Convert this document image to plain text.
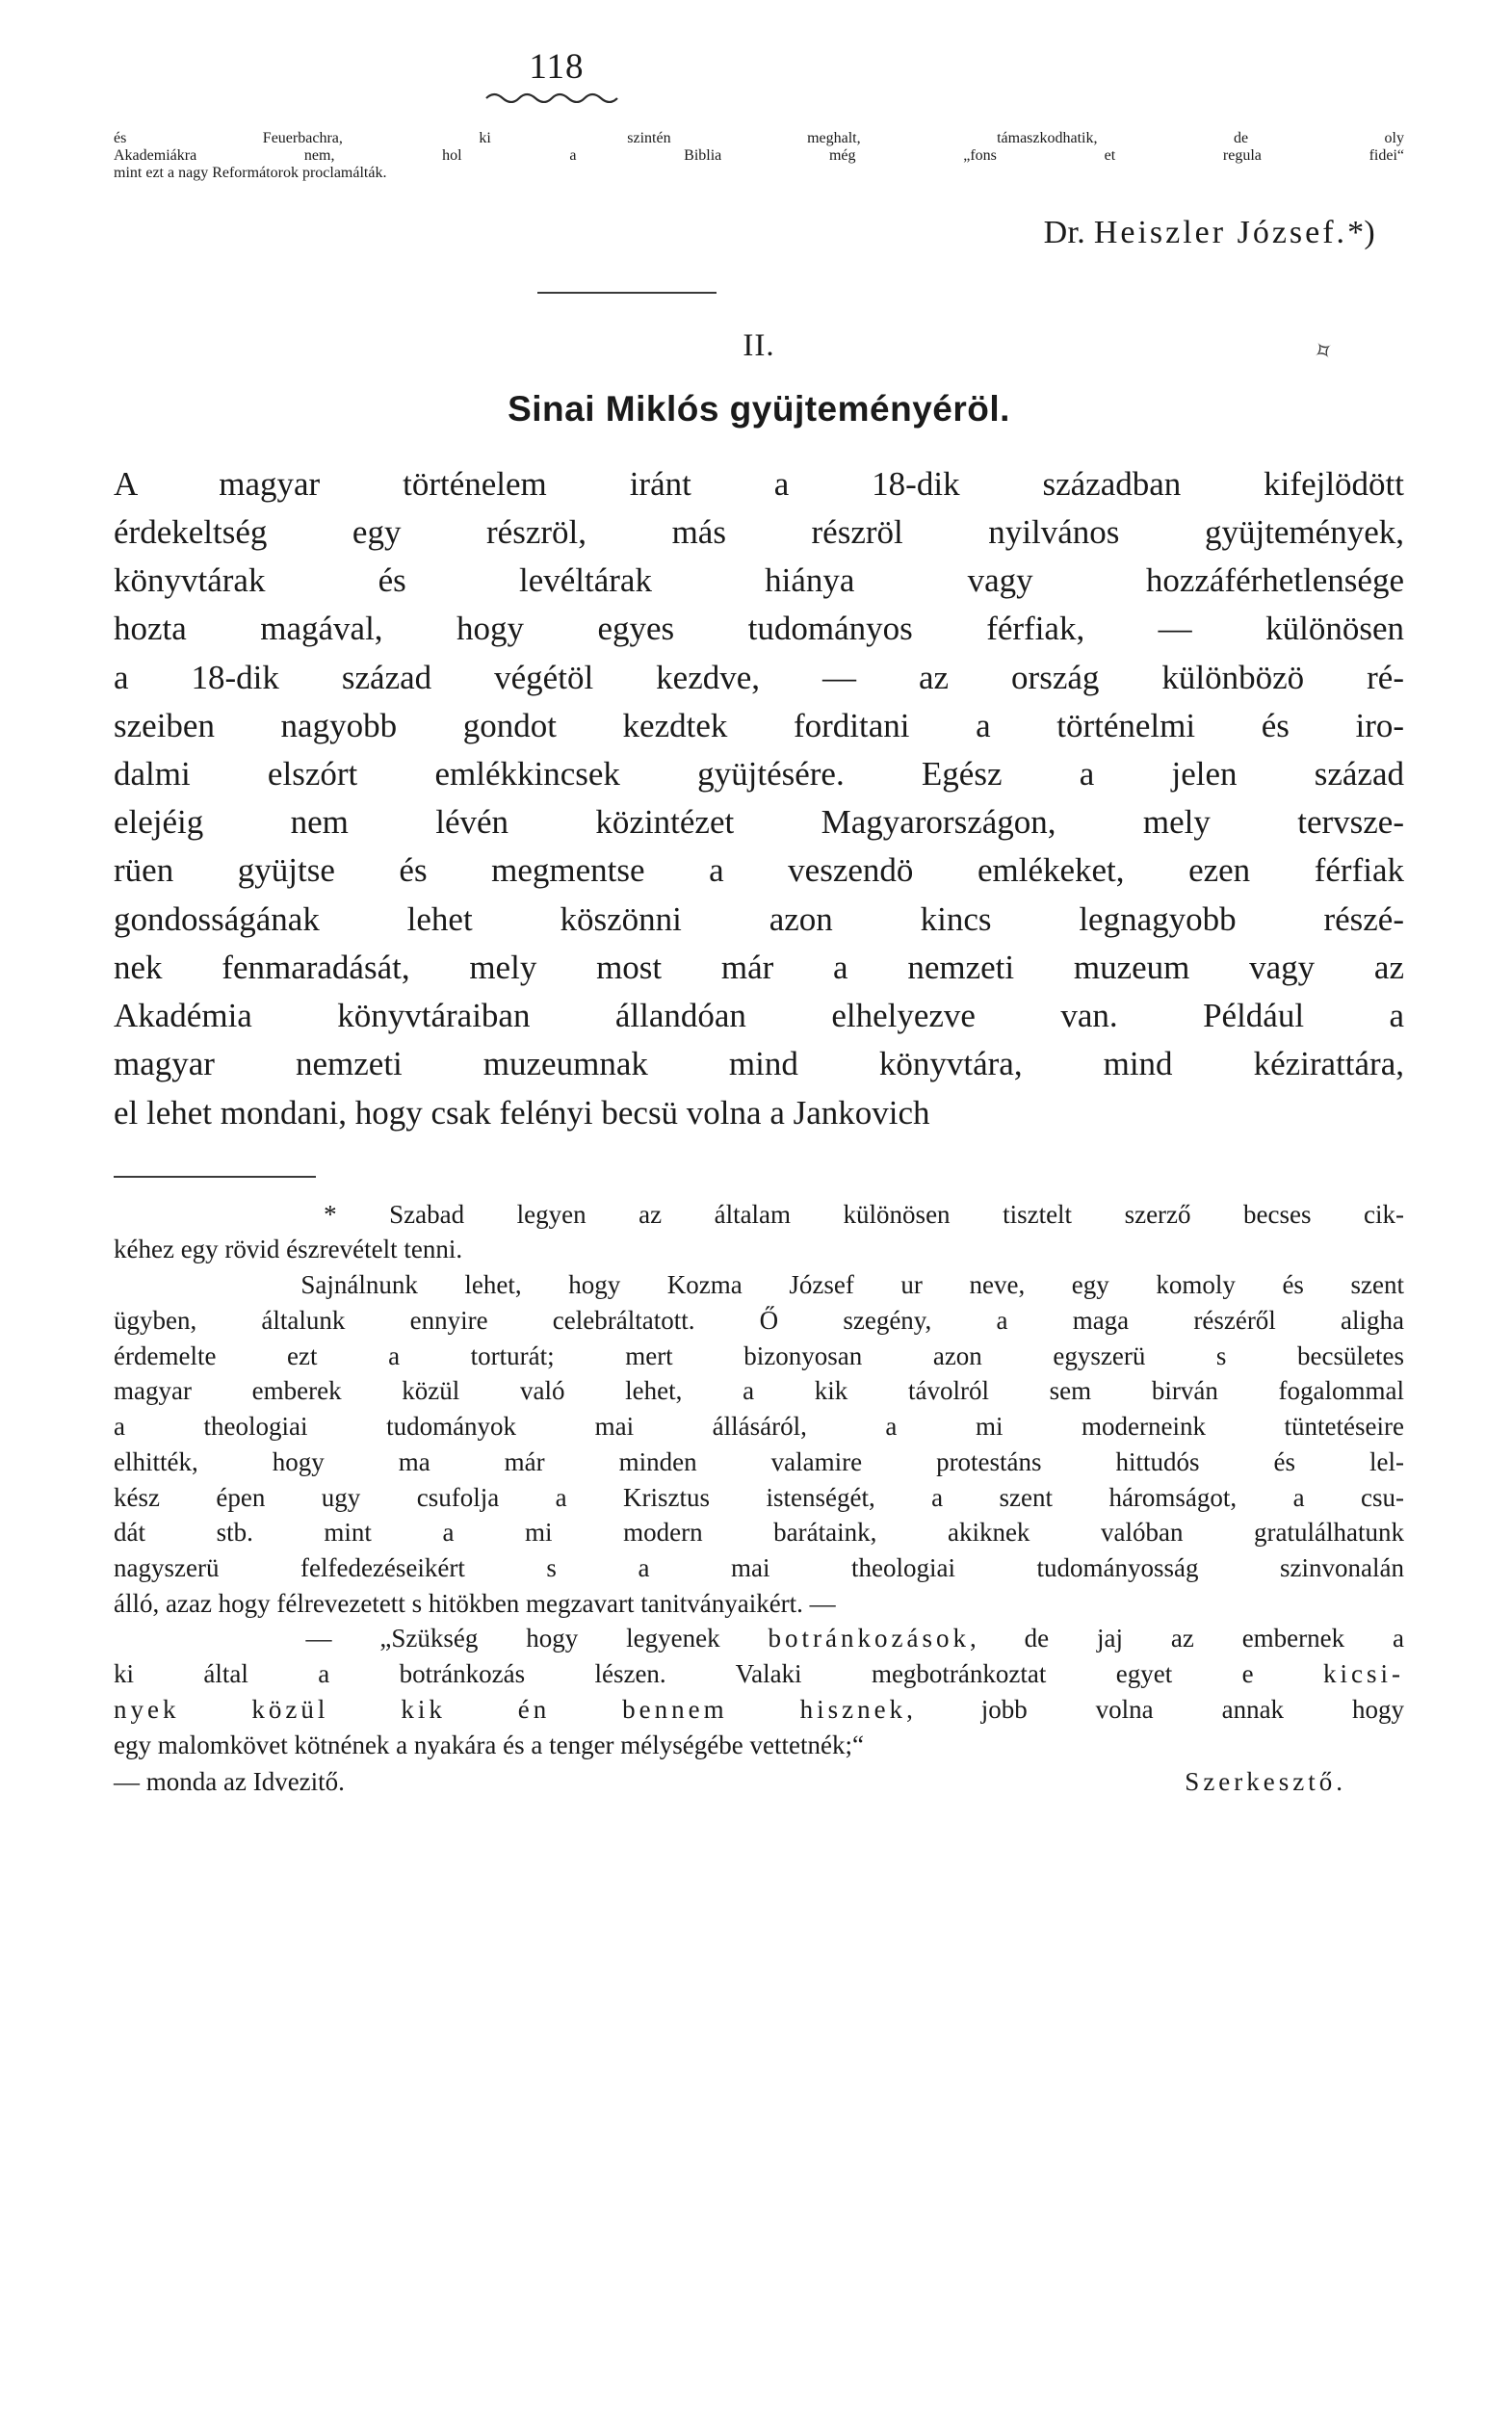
118
és Feuerbachra, ki szintén meghalt, támaszkodhatik, de oly
Akademiákra nem, hol a Biblia még „fons et regula fidei“
mint ezt a nagy Reformátorok proclamálták.
✧
Dr. Heiszler József.*)
II.
Sinai Miklós gyüjteményéröl.
A magyar történelem iránt a 18-dik században kifejlödött
érdekeltség egy részröl, más részröl nyilvános gyüjtemények,
könyvtárak és levéltárak hiánya vagy hozzáférhetlensége
hozta magával, hogy egyes tudományos férfiak, — különösen
a 18-dik század végétöl kezdve, — az ország különbözö ré-
szeiben nagyobb gondot kezdtek forditani a történelmi és iro-
dalmi elszórt emlékkincsek gyüjtésére. Egész a jelen század
elejéig nem lévén közintézet Magyarországon, mely tervsze-
rüen gyüjtse és megmentse a veszendö emlékeket, ezen férfiak
gondosságának lehet köszönni azon kincs legnagyobb részé-
nek fenmaradását, mely most már a nemzeti muzeum vagy az
Akadémia könyvtáraiban állandóan elhelyezve van. Például a
magyar nemzeti muzeumnak mind könyvtára, mind kézirattára,
el lehet mondani, hogy csak felényi becsü volna a Jankovich
* Szabad legyen az általam különösen tisztelt szerző becses cik-
kéhez egy rövid észrevételt tenni.
Sajnálnunk lehet, hogy Kozma József ur neve, egy komoly és szent
ügyben, általunk ennyire celebráltatott. Ő szegény, a maga részéről aligha
érdemelte ezt a torturát; mert bizonyosan azon egyszerü s becsületes
magyar emberek közül való lehet, a kik távolról sem birván fogalommal
a theologiai tudományok mai állásáról, a mi moderneink tüntetéseire
elhitték, hogy ma már minden valamire protestáns hittudós és lel-
kész épen ugy csufolja a Krisztus istenségét, a szent háromságot, a csu-
dát stb. mint a mi modern barátaink, akiknek valóban gratulálhatunk
nagyszerü felfedezéseikért s a mai theologiai tudományosság szinvonalán
álló, azaz hogy félrevezetett s hitökben megzavart tanitványaikért. —
— „Szükség hogy legyenek botránkozások, de jaj az embernek a
ki által a botránkozás lészen. Valaki megbotránkoztat egyet e kicsi-
nyek közül kik én bennem hisznek, jobb volna annak hogy
egy malomkövet kötnének a nyakára és a tenger mélységébe vettetnék;“
— monda az Idvezitő.	Szerkesztő.
